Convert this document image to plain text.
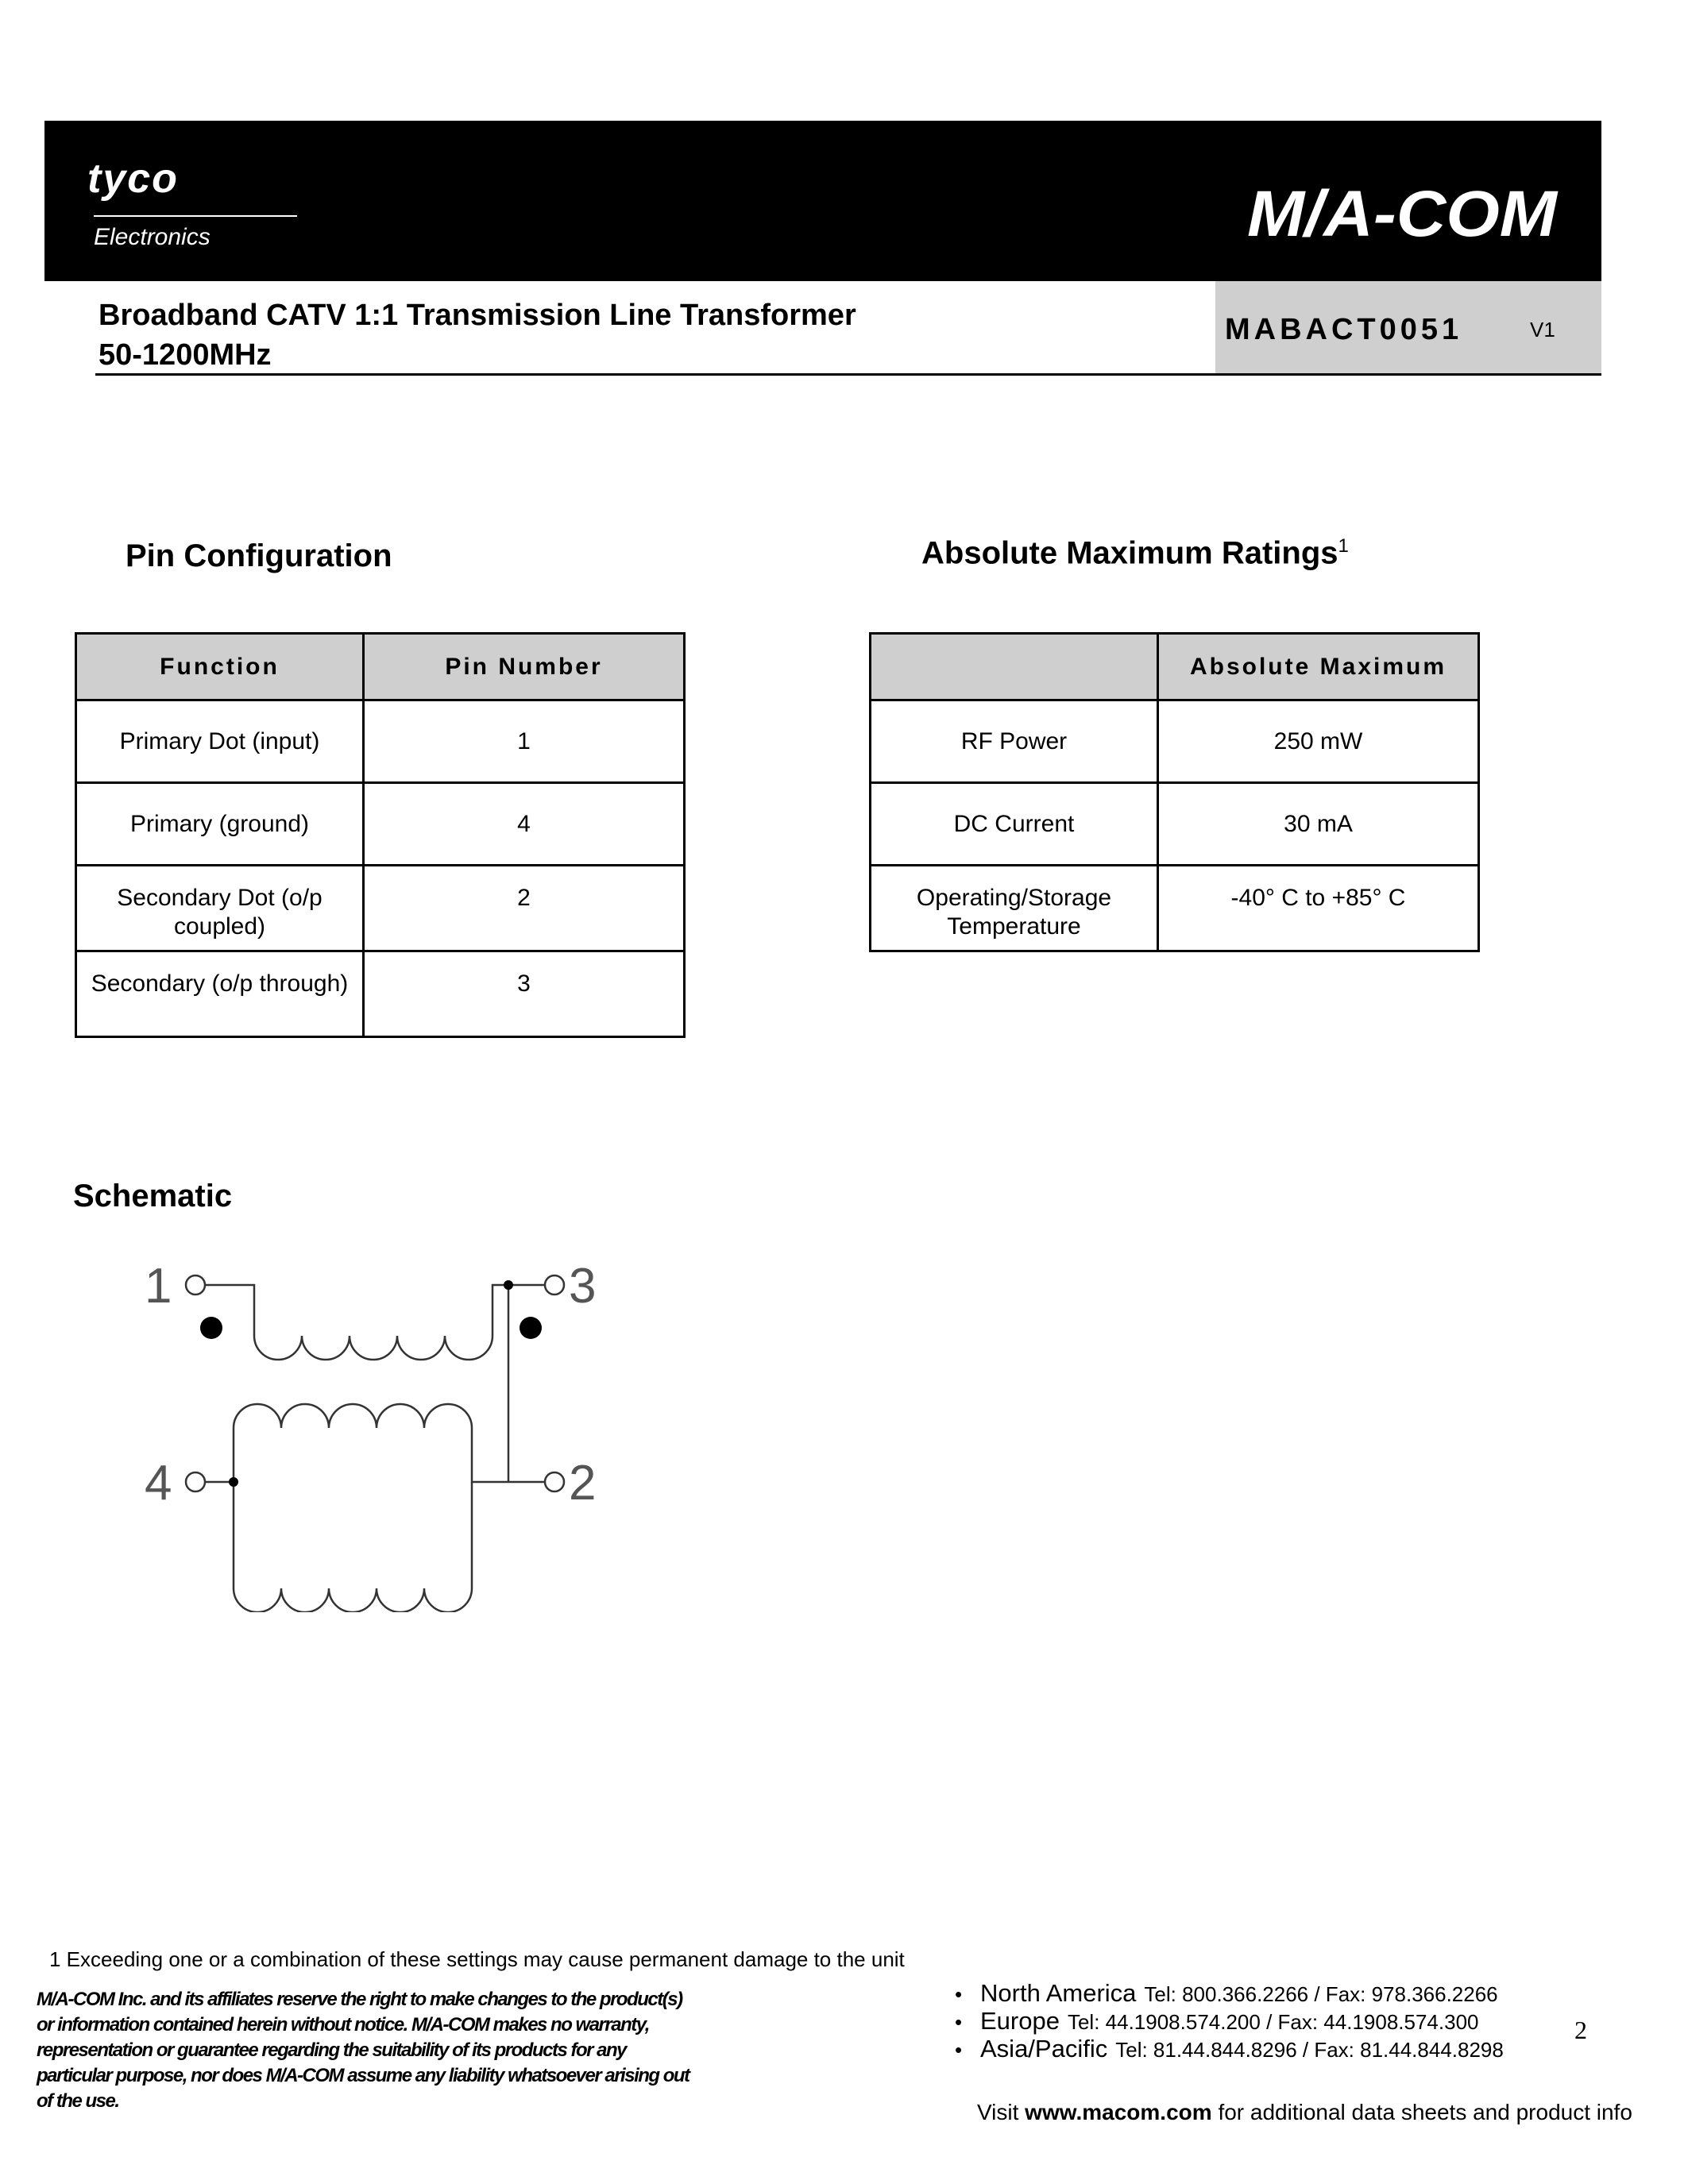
tyco
Electronics	M/A-COM
Broadband CATV 1:1 Transmission Line Transformer
50-1200MHz
MABACT0051	V1
Pin Configuration
Function	Pin Number
Primary Dot (input)	1
Primary (ground)	4
Secondary Dot (o/p coupled)	2
Secondary (o/p through)	3
Absolute Maximum Ratings$^1$
	Absolute Maximum
RF Power	250 mW
DC Current	30 mA
Operating/Storage Temperature	-40° C to +85° C
Schematic
1	3
4	2
1 Exceeding one or a combination of these settings may cause permanent damage to the unit
M/A-COM Inc. and its affiliates reserve the right to make changes to the product(s) or information contained herein without notice. M/A-COM makes no warranty, representation or guarantee regarding the suitability of its products for any particular purpose, nor does M/A-COM assume any liability whatsoever arising out of the use.
• North America Tel: 800.366.2266 / Fax: 978.366.2266
• Europe Tel: 44.1908.574.200 / Fax: 44.1908.574.300
• Asia/Pacific Tel: 81.44.844.8296 / Fax: 81.44.844.8298
2
Visit www.macom.com for additional data sheets and product info
